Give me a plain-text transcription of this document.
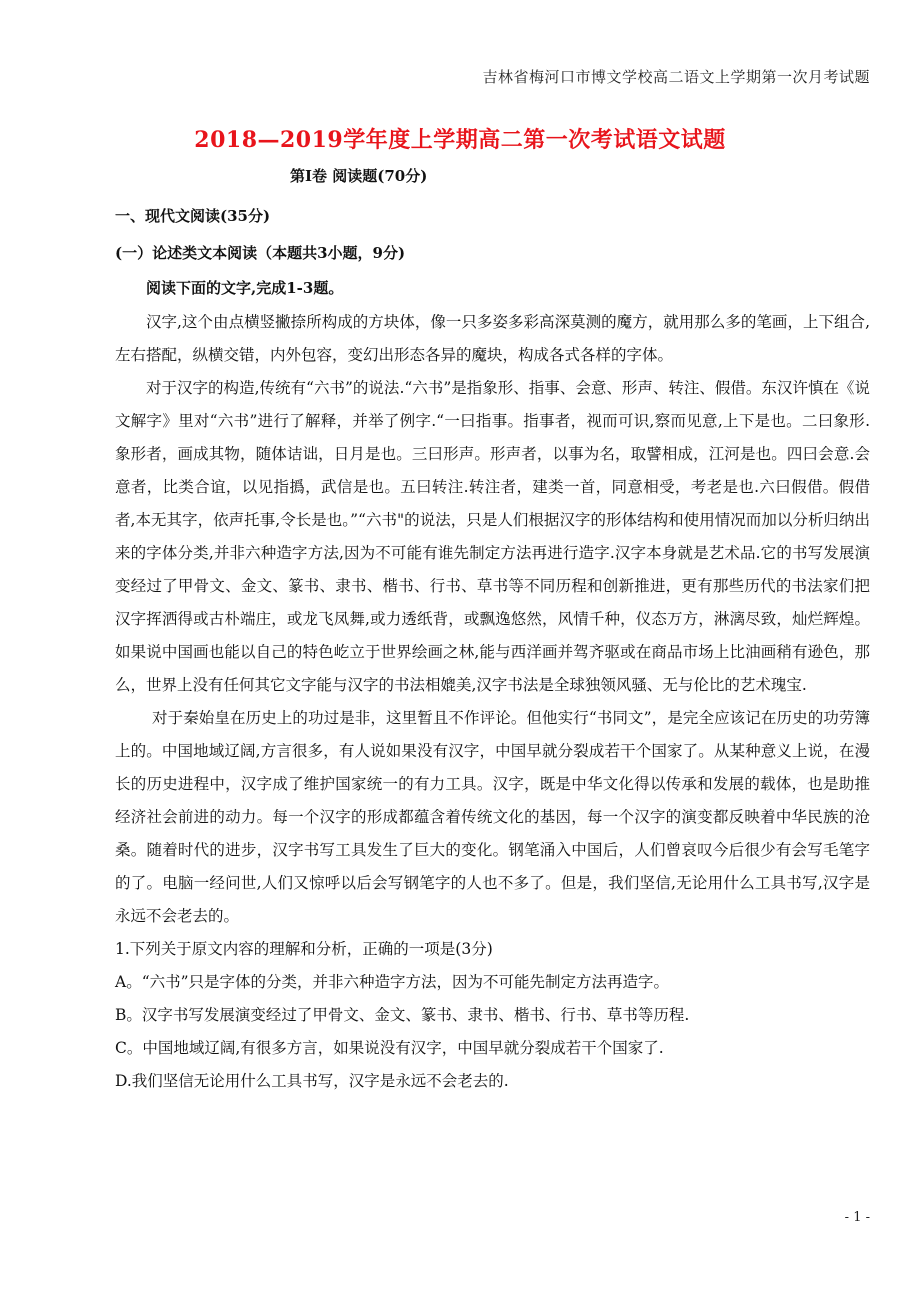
吉林省梅河口市博文学校高二语文上学期第一次月考试题
2018—2019学年度上学期高二第一次考试语文试题
第Ⅰ卷 阅读题(70分)
一、现代文阅读(35分)
(一）论述类文本阅读（本题共3小题，9分)
阅读下面的文字,完成1-3题。

汉字,这个由点横竖撇捺所构成的方块体，像一只多姿多彩高深莫测的魔方，就用那么多的笔画，上下组合,左右搭配，纵横交错，内外包容，变幻出形态各异的魔块，构成各式各样的字体。

对于汉字的构造,传统有“六书”的说法.“六书”是指象形、指事、会意、形声、转注、假借。东汉许慎在《说文解字》里对“六书”进行了解释，并举了例字.“一曰指事。指事者，视而可识,察而见意,上下是也。二曰象形.象形者，画成其物，随体诘诎，日月是也。三曰形声。形声者，以事为名，取譬相成，江河是也。四曰会意.会意者，比类合谊，以见指撝，武信是也。五曰转注.转注者，建类一首，同意相受，考老是也.六曰假借。假借者,本无其字，依声托事,令长是也。”“六书"的说法，只是人们根据汉字的形体结构和使用情况而加以分析归纳出来的字体分类,并非六种造字方法,因为不可能有谁先制定方法再进行造字.汉字本身就是艺术品.它的书写发展演变经过了甲骨文、金文、篆书、隶书、楷书、行书、草书等不同历程和创新推进，更有那些历代的书法家们把汉字挥洒得或古朴端庄，或龙飞凤舞,或力透纸背，或飘逸悠然，风情千种，仪态万方，淋漓尽致，灿烂辉煌。如果说中国画也能以自己的特色屹立于世界绘画之林,能与西洋画并驾齐驱或在商品市场上比油画稍有逊色，那么，世界上没有任何其它文字能与汉字的书法相媲美,汉字书法是全球独领风骚、无与伦比的艺术瑰宝.

对于秦始皇在历史上的功过是非，这里暂且不作评论。但他实行“书同文”，是完全应该记在历史的功劳簿上的。中国地域辽阔,方言很多，有人说如果没有汉字，中国早就分裂成若干个国家了。从某种意义上说，在漫长的历史进程中，汉字成了维护国家统一的有力工具。汉字，既是中华文化得以传承和发展的载体，也是助推经济社会前进的动力。每一个汉字的形成都蕴含着传统文化的基因，每一个汉字的演变都反映着中华民族的沧桑。随着时代的进步，汉字书写工具发生了巨大的变化。钢笔涌入中国后，人们曾哀叹今后很少有会写毛笔字的了。电脑一经问世,人们又惊呼以后会写钢笔字的人也不多了。但是，我们坚信,无论用什么工具书写,汉字是永远不会老去的。

1.下列关于原文内容的理解和分析，正确的一项是(3分)

A。“六书”只是字体的分类，并非六种造字方法，因为不可能先制定方法再造字。

B。汉字书写发展演变经过了甲骨文、金文、篆书、隶书、楷书、行书、草书等历程.

C。中国地域辽阔,有很多方言，如果说没有汉字，中国早就分裂成若干个国家了.

D.我们坚信无论用什么工具书写，汉字是永远不会老去的.

- 1 -
